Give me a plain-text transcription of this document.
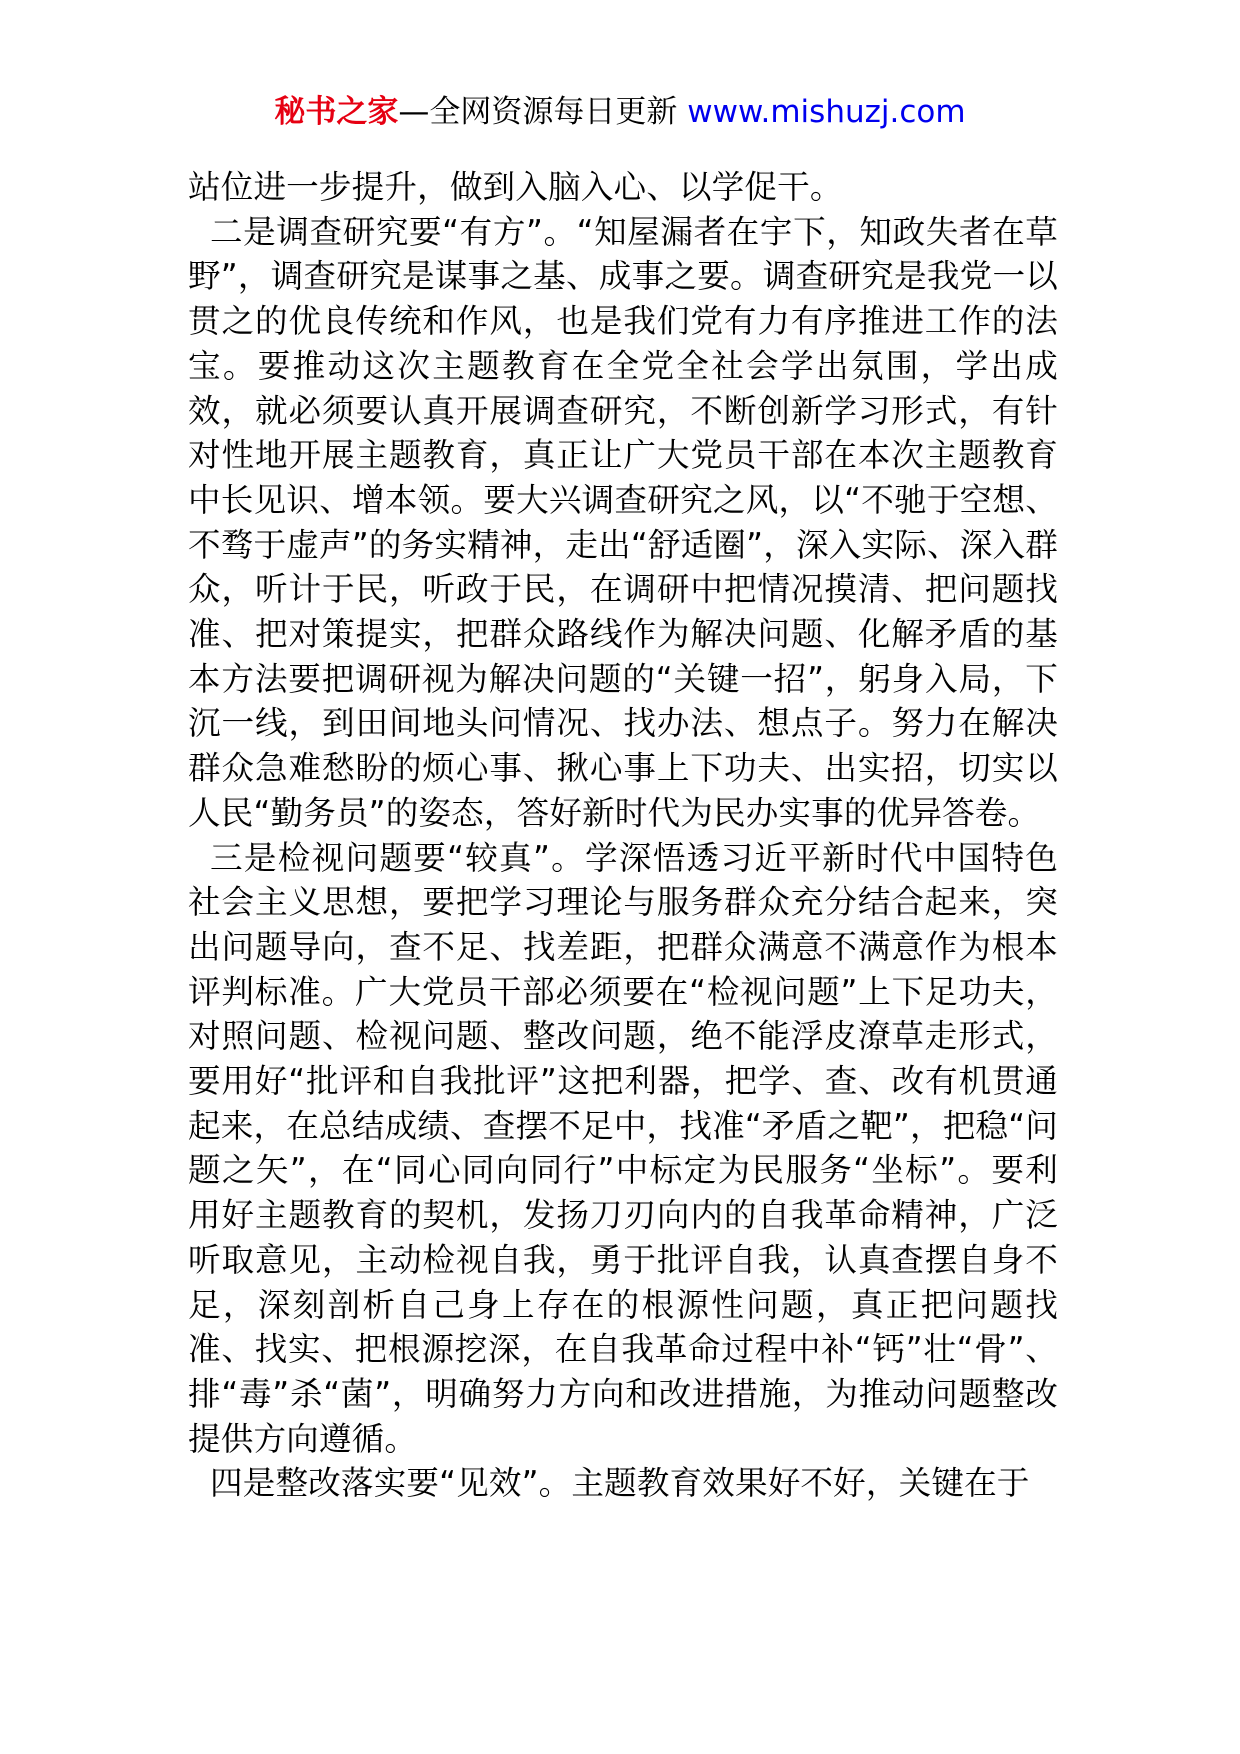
秘书之家—全网资源每日更新 www.mishuzj.com

站位进一步提升，做到入脑入心、以学促干。

二是调查研究要“有方”。“知屋漏者在宇下，知政失者在草野”，调查研究是谋事之基、成事之要。调查研究是我党一以贯之的优良传统和作风，也是我们党有力有序推进工作的法宝。要推动这次主题教育在全党全社会学出氛围，学出成效，就必须要认真开展调查研究，不断创新学习形式，有针对性地开展主题教育，真正让广大党员干部在本次主题教育中长见识、增本领。要大兴调查研究之风，以“不驰于空想、不骛于虚声”的务实精神，走出“舒适圈”，深入实际、深入群众，听计于民，听政于民，在调研中把情况摸清、把问题找准、把对策提实，把群众路线作为解决问题、化解矛盾的基本方法要把调研视为解决问题的“关键一招”，躬身入局，下沉一线，到田间地头问情况、找办法、想点子。努力在解决群众急难愁盼的烦心事、揪心事上下功夫、出实招，切实以人民“勤务员”的姿态，答好新时代为民办实事的优异答卷。

三是检视问题要“较真”。学深悟透习近平新时代中国特色社会主义思想，要把学习理论与服务群众充分结合起来，突出问题导向，查不足、找差距，把群众满意不满意作为根本评判标准。广大党员干部必须要在“检视问题”上下足功夫，对照问题、检视问题、整改问题，绝不能浮皮潦草走形式，要用好“批评和自我批评”这把利器，把学、查、改有机贯通起来，在总结成绩、查摆不足中，找准“矛盾之靶”，把稳“问题之矢”，在“同心同向同行”中标定为民服务“坐标”。要利用好主题教育的契机，发扬刀刃向内的自我革命精神，广泛听取意见，主动检视自我，勇于批评自我，认真查摆自身不足，深刻剖析自己身上存在的根源性问题，真正把问题找准、找实、把根源挖深，在自我革命过程中补“钙”壮“骨”、排“毒”杀“菌”，明确努力方向和改进措施，为推动问题整改提供方向遵循。

四是整改落实要“见效”。主题教育效果好不好，关键在于
